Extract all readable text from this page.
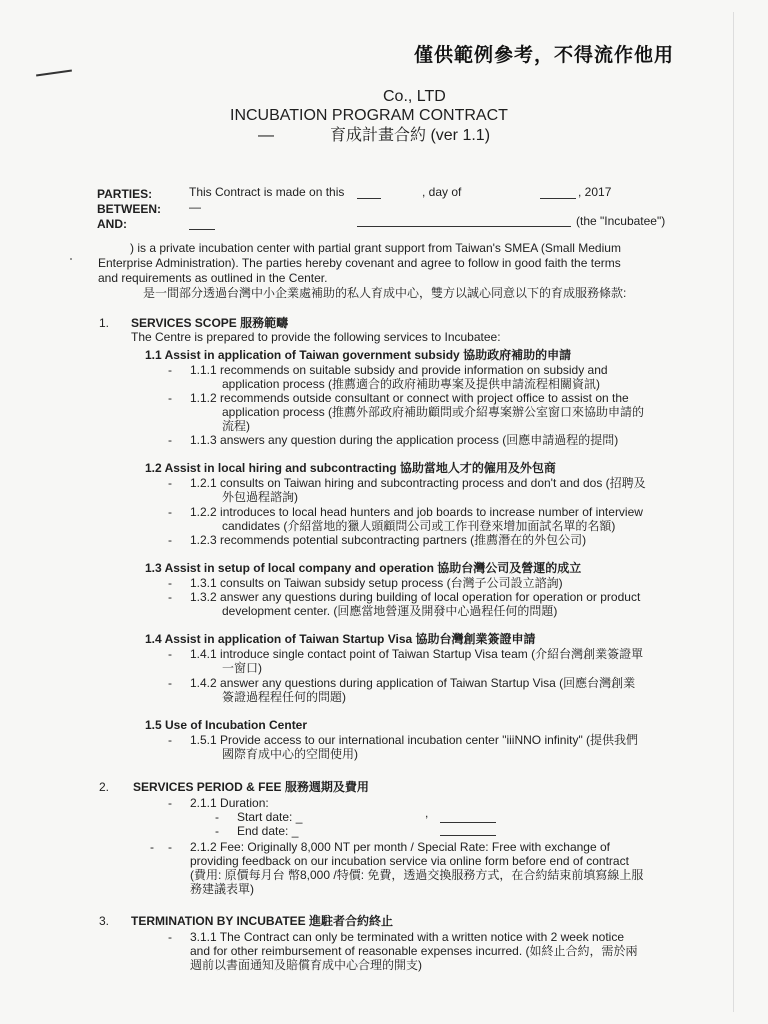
僅供範例參考，不得流作他用
Co., LTD
INCUBATION PROGRAM CONTRACT
—	育成計畫合約 (ver 1.1)
PARTIES:	This Contract is made on this	, day of	, 2017
BETWEEN: —
AND:	(the "Incubatee")
) is a private incubation center with partial grant support from Taiwan's SMEA (Small Medium
Enterprise Administration). The parties hereby covenant and agree to follow in good faith the terms
and requirements as outlined in the Center.
是一間部分透過台灣中小企業處補助的私人育成中心，雙方以誠心同意以下的育成服務條款:
1. SERVICES SCOPE 服務範疇
The Centre is prepared to provide the following services to Incubatee:
1.1 Assist in application of Taiwan government subsidy 協助政府補助的申請
- 1.1.1 recommends on suitable subsidy and provide information on subsidy and
application process (推薦適合的政府補助專案及提供申請流程相關資訊)
- 1.1.2 recommends outside consultant or connect with project office to assist on the
application process (推薦外部政府補助顧問或介紹專案辦公室窗口來協助申請的
流程)
- 1.1.3 answers any question during the application process (回應申請過程的提問)
1.2 Assist in local hiring and subcontracting 協助當地人才的僱用及外包商
- 1.2.1 consults on Taiwan hiring and subcontracting process and don't and dos (招聘及
外包過程諮詢)
- 1.2.2 introduces to local head hunters and job boards to increase number of interview
candidates (介紹當地的獵人頭顧問公司或工作刊登來增加面試名單的名額)
- 1.2.3 recommends potential subcontracting partners (推薦潛在的外包公司)
1.3 Assist in setup of local company and operation 協助台灣公司及營運的成立
- 1.3.1 consults on Taiwan subsidy setup process (台灣子公司設立諮詢)
- 1.3.2 answer any questions during building of local operation for operation or product
development center. (回應當地營運及開發中心過程任何的問題)
1.4 Assist in application of Taiwan Startup Visa 協助台灣創業簽證申請
- 1.4.1 introduce single contact point of Taiwan Startup Visa team (介紹台灣創業簽證單
一窗口)
- 1.4.2 answer any questions during application of Taiwan Startup Visa (回應台灣創業
簽證過程程任何的問題)
1.5 Use of Incubation Center
- 1.5.1 Provide access to our international incubation center "iiiNNO infinity" (提供我們
國際育成中心的空間使用)
2. SERVICES PERIOD & FEE 服務週期及費用
- 2.1.1 Duration:
- Start date: _	,
- End date: _
- - 2.1.2 Fee: Originally 8,000 NT per month / Special Rate: Free with exchange of
providing feedback on our incubation service via online form before end of contract
(費用: 原價每月台 幣8,000 /特價: 免費，透過交換服務方式，在合約結束前填寫線上服
務建議表單)
3. TERMINATION BY INCUBATEE 進駐者合約終止
- 3.1.1 The Contract can only be terminated with a written notice with 2 week notice
and for other reimbursement of reasonable expenses incurred. (如終止合約，需於兩
週前以書面通知及賠償育成中心合理的開支)
